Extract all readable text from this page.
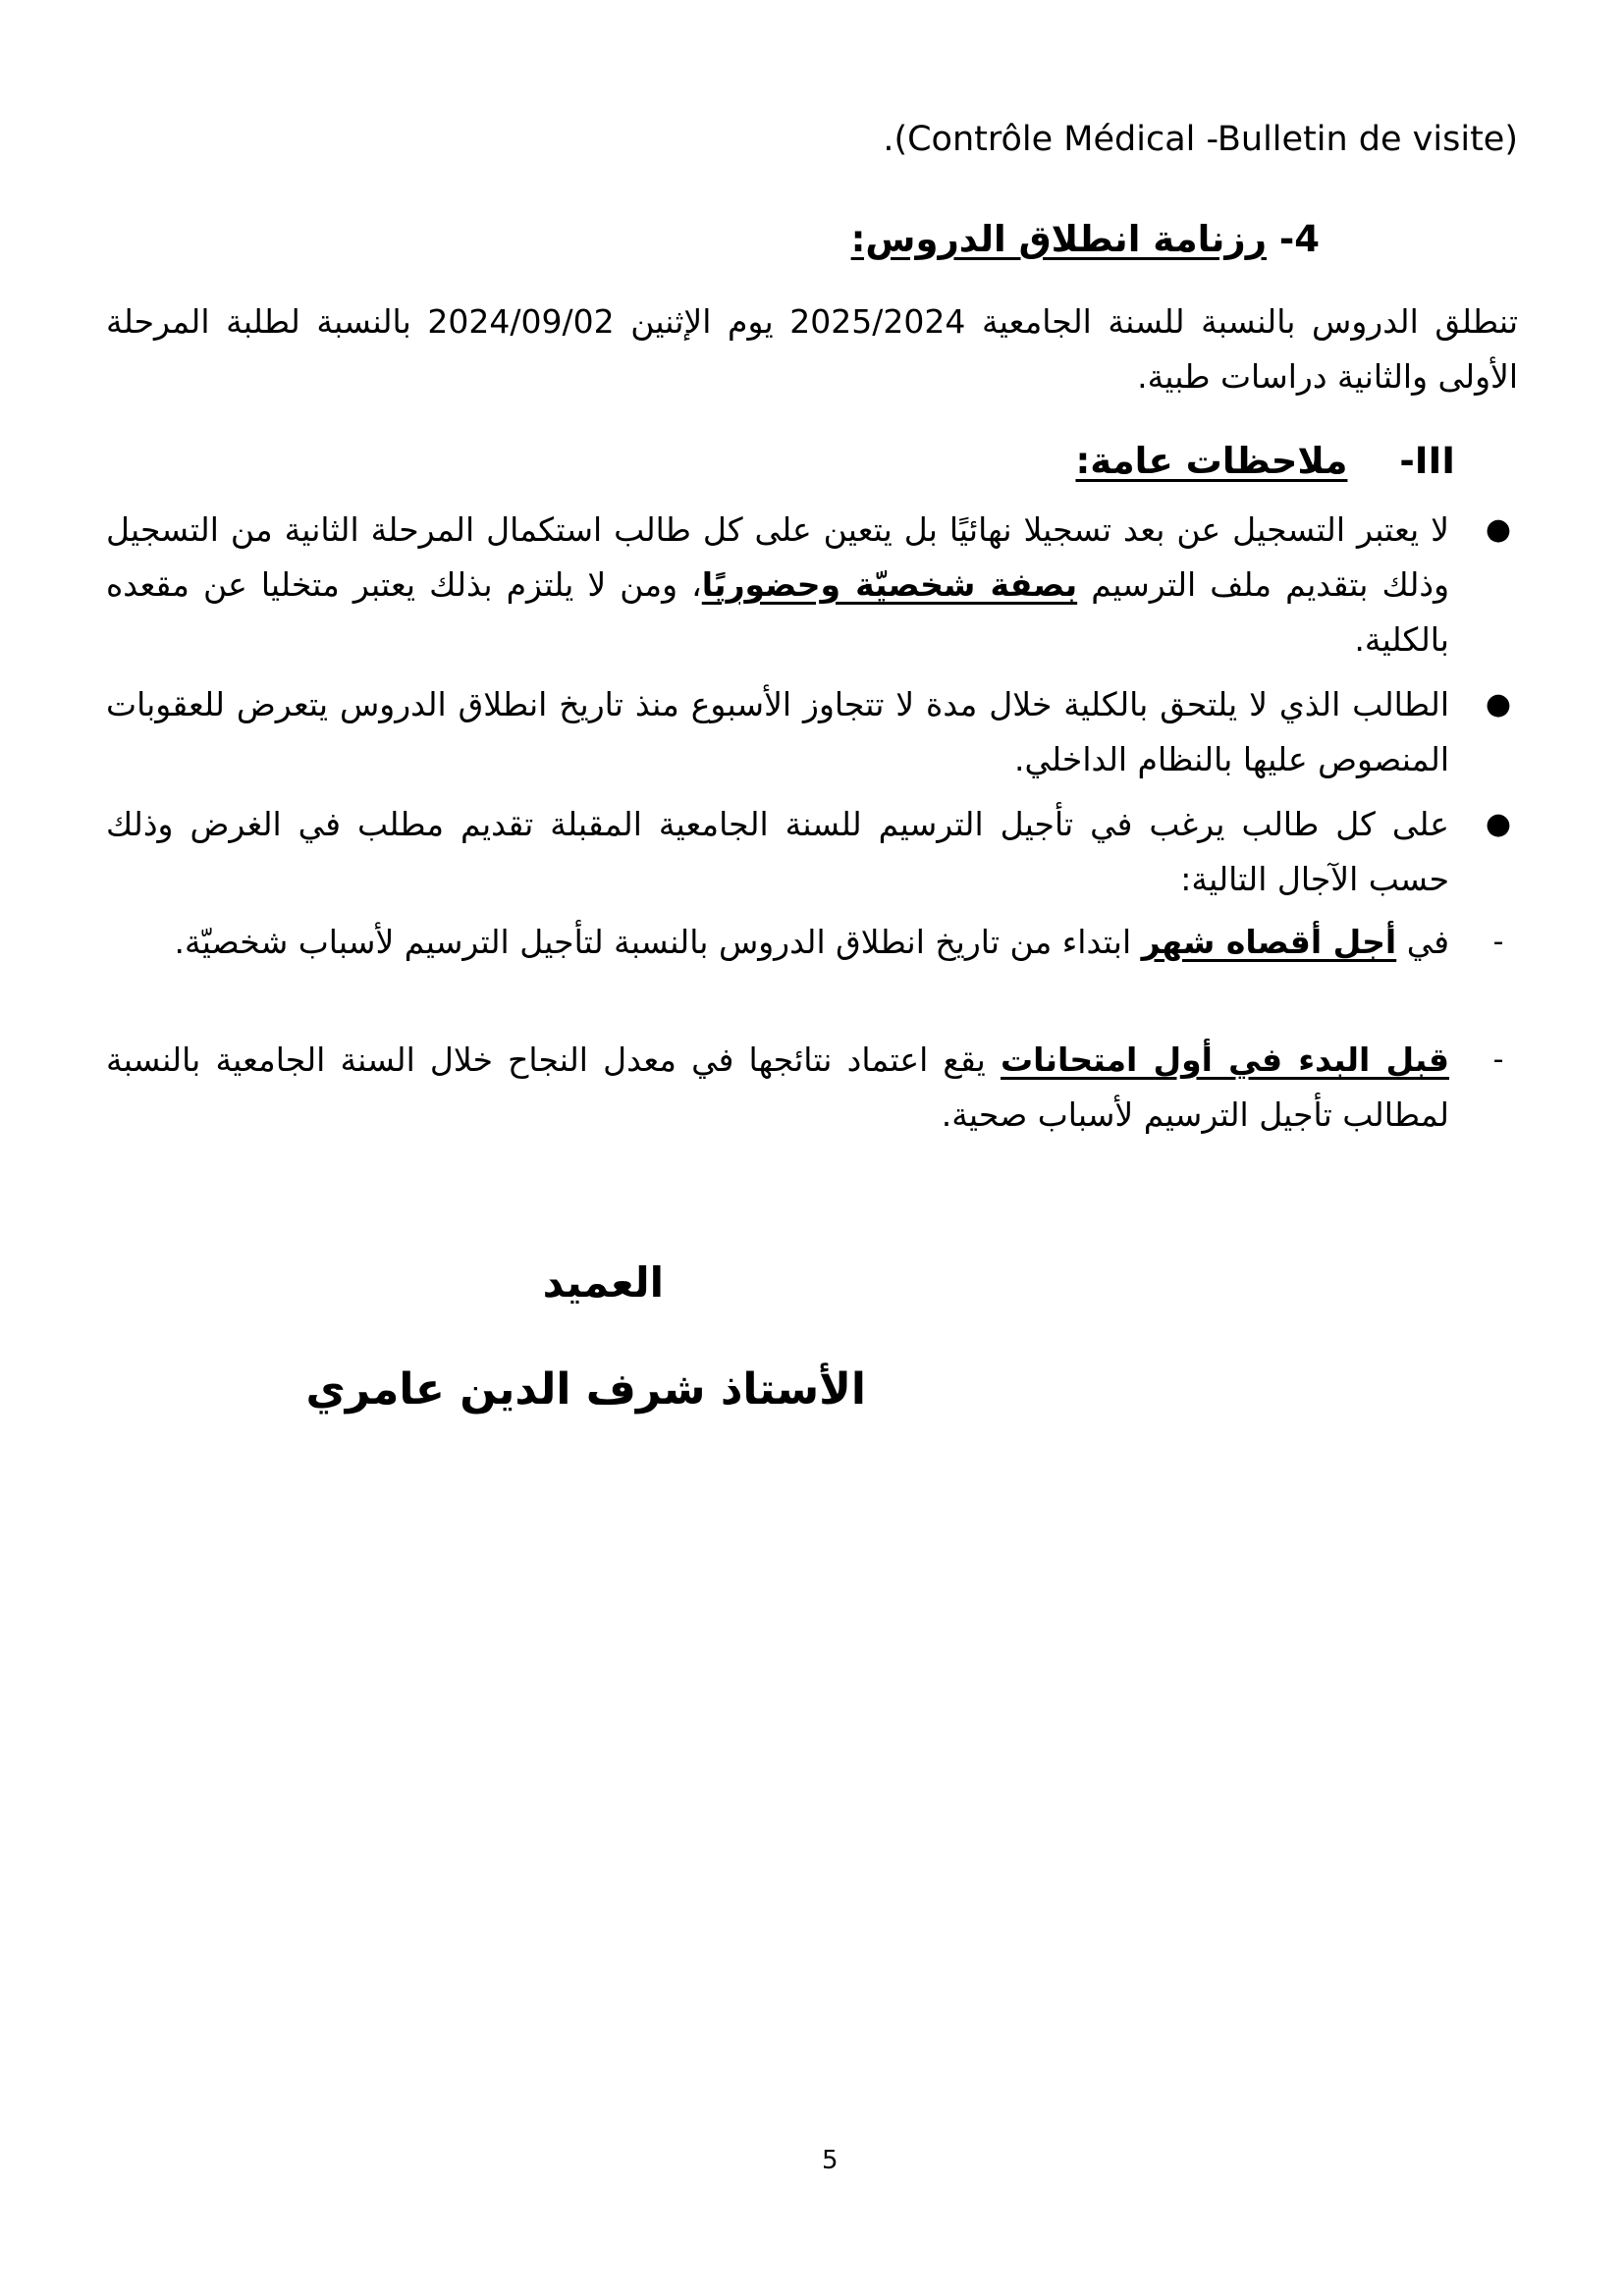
.(Contrôle Médical -Bulletin de visite)
4- رزنامة انطلاق الدروس:
تنطلق الدروس بالنسبة للسنة الجامعية 2025/2024 يوم الإثنين 2024/09/02 بالنسبة لطلبة المرحلة الأولى والثانية دراسات طبية.
III- ملاحظات عامة:
●
لا يعتبر التسجيل عن بعد تسجيلا نهائيًا بل يتعين على كل طالب استكمال المرحلة الثانية من التسجيل وذلك بتقديم ملف الترسيم بصفة شخصيّة وحضوريًا، ومن لا يلتزم بذلك يعتبر متخليا عن مقعده بالكلية.
●
الطالب الذي لا يلتحق بالكلية خلال مدة لا تتجاوز الأسبوع منذ تاريخ انطلاق الدروس يتعرض للعقوبات المنصوص عليها بالنظام الداخلي.
●
على كل طالب يرغب في تأجيل الترسيم للسنة الجامعية المقبلة تقديم مطلب في الغرض وذلك حسب الآجال التالية:
-
في أجل أقصاه شهر ابتداء من تاريخ انطلاق الدروس بالنسبة لتأجيل الترسيم لأسباب شخصيّة.
-
قبل البدء في أول امتحانات يقع اعتماد نتائجها في معدل النجاح خلال السنة الجامعية بالنسبة لمطالب تأجيل الترسيم لأسباب صحية.
العميد
الأستاذ شرف الدين عامري
5
